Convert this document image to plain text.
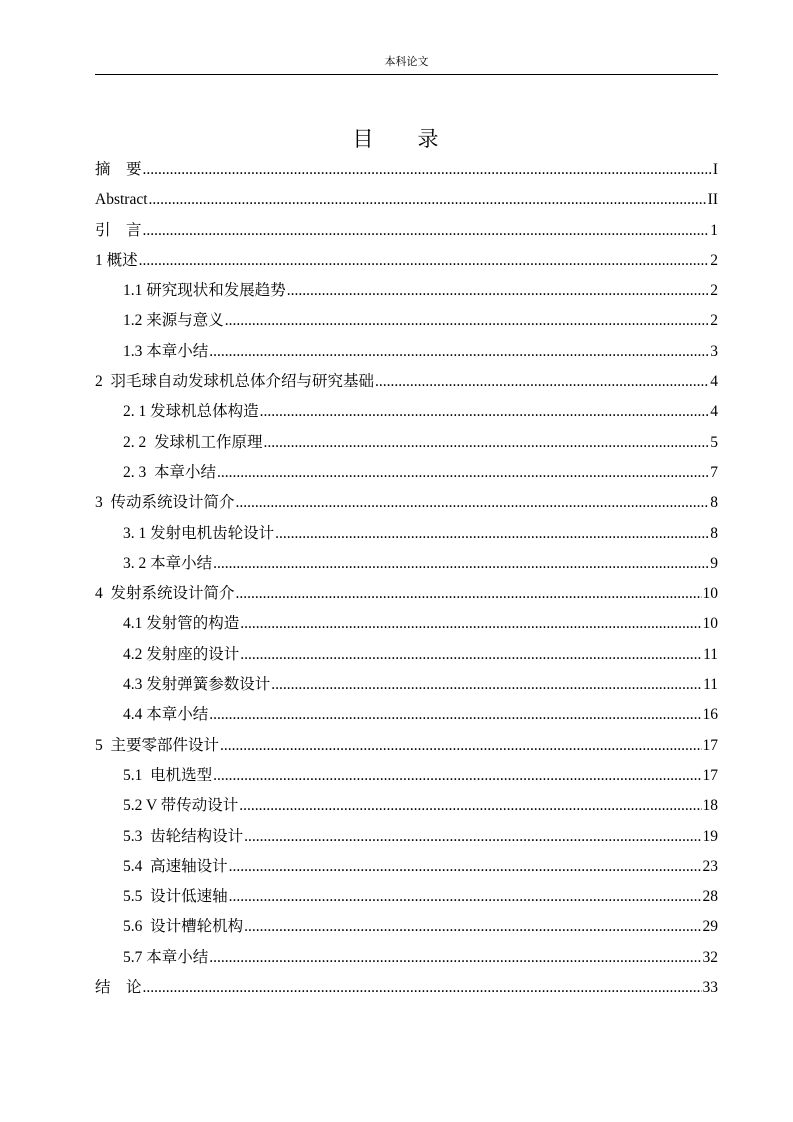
本科论文
目 录
摘    要 .....	I
Abstract .....	II
引    言 .....	1
1 概述 .....	2
1.1 研究现状和发展趋势 .....	2
1.2 来源与意义 .....	2
1.3 本章小结 .....	3
2  羽毛球自动发球机总体介绍与研究基础 .....	4
2. 1 发球机总体构造 .....	4
2. 2  发球机工作原理 .....	5
2. 3  本章小结 .....	7
3  传动系统设计简介 .....	8
3. 1 发射电机齿轮设计 .....	8
3. 2 本章小结 .....	9
4  发射系统设计简介 .....	10
4.1 发射管的构造 .....	10
4.2 发射座的设计 .....	11
4.3 发射弹簧参数设计 .....	11
4.4 本章小结 .....	16
5  主要零部件设计 .....	17
5.1  电机选型 .....	17
5.2 V 带传动设计 .....	18
5.3  齿轮结构设计 .....	19
5.4  高速轴设计 .....	23
5.5  设计低速轴 .....	28
5.6  设计槽轮机构 .....	29
5.7 本章小结 .....	32
结    论 .....	33
